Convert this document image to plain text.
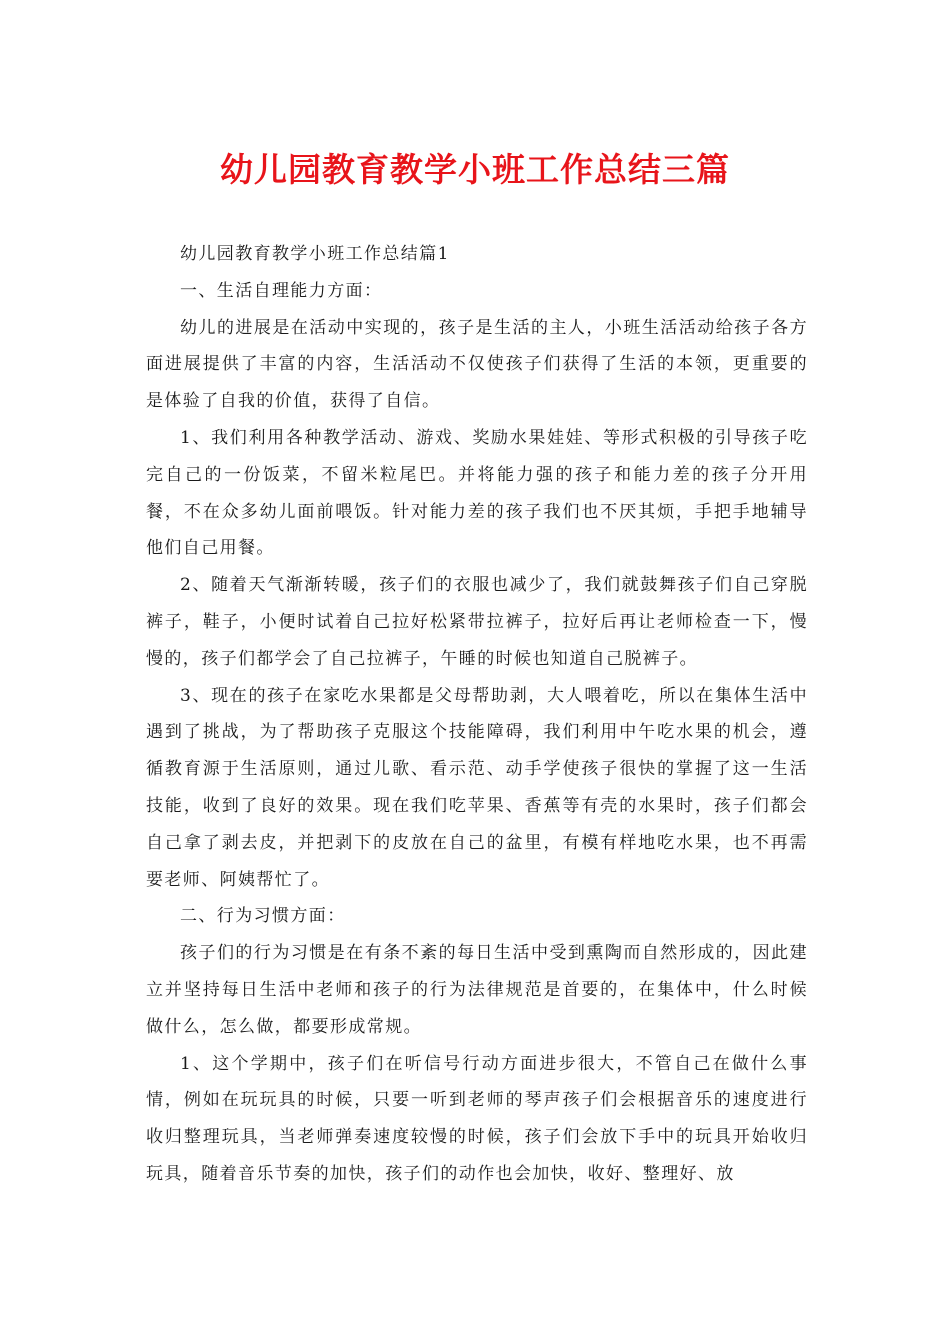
幼儿园教育教学小班工作总结三篇

幼儿园教育教学小班工作总结篇1

一、生活自理能力方面：

幼儿的进展是在活动中实现的，孩子是生活的主人，小班生活活动给孩子各方面进展提供了丰富的内容，生活活动不仅使孩子们获得了生活的本领，更重要的是体验了自我的价值，获得了自信。

1、我们利用各种教学活动、游戏、奖励水果娃娃、等形式积极的引导孩子吃完自己的一份饭菜，不留米粒尾巴。并将能力强的孩子和能力差的孩子分开用餐，不在众多幼儿面前喂饭。针对能力差的孩子我们也不厌其烦，手把手地辅导他们自己用餐。

2、随着天气渐渐转暖，孩子们的衣服也减少了，我们就鼓舞孩子们自己穿脱裤子，鞋子，小便时试着自己拉好松紧带拉裤子，拉好后再让老师检查一下，慢慢的，孩子们都学会了自己拉裤子，午睡的时候也知道自己脱裤子。

3、现在的孩子在家吃水果都是父母帮助剥，大人喂着吃，所以在集体生活中遇到了挑战，为了帮助孩子克服这个技能障碍，我们利用中午吃水果的机会，遵循教育源于生活原则，通过儿歌、看示范、动手学使孩子很快的掌握了这一生活技能，收到了良好的效果。现在我们吃苹果、香蕉等有壳的水果时，孩子们都会自己拿了剥去皮，并把剥下的皮放在自己的盆里，有模有样地吃水果，也不再需要老师、阿姨帮忙了。

二、行为习惯方面：

孩子们的行为习惯是在有条不紊的每日生活中受到熏陶而自然形成的，因此建立并坚持每日生活中老师和孩子的行为法律规范是首要的，在集体中，什么时候做什么，怎么做，都要形成常规。

1、这个学期中，孩子们在听信号行动方面进步很大，不管自己在做什么事情，例如在玩玩具的时候，只要一听到老师的琴声孩子们会根据音乐的速度进行收归整理玩具，当老师弹奏速度较慢的时候，孩子们会放下手中的玩具开始收归玩具，随着音乐节奏的加快，孩子们的动作也会加快，收好、整理好、放
